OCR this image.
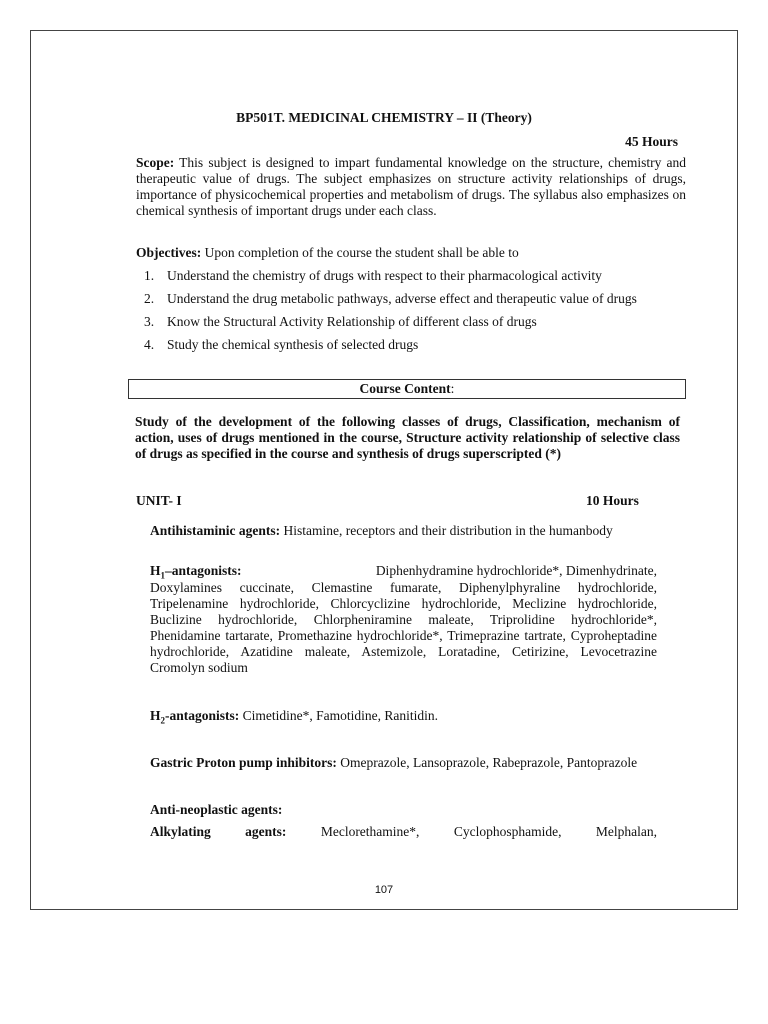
BP501T. MEDICINAL CHEMISTRY – II (Theory)
45 Hours
Scope: This subject is designed to impart fundamental knowledge on the structure, chemistry and therapeutic value of drugs. The subject emphasizes on structure activity relationships of drugs, importance of physicochemical properties and metabolism of drugs. The syllabus also emphasizes on chemical synthesis of important drugs under each class.
Objectives: Upon completion of the course the student shall be able to
1. Understand the chemistry of drugs with respect to their pharmacological activity
2. Understand the drug metabolic pathways, adverse effect and therapeutic value of drugs
3. Know the Structural Activity Relationship of different class of drugs
4. Study the chemical synthesis of selected drugs
Course Content:
Study of the development of the following classes of drugs, Classification, mechanism of action, uses of drugs mentioned in the course, Structure activity relationship of selective class of drugs as specified in the course and synthesis of drugs superscripted (*)
UNIT- I	10 Hours
Antihistaminic agents: Histamine, receptors and their distribution in the humanbody
$H_1$–antagonists:	Diphenhydramine hydrochloride*, Dimenhydrinate,
Doxylamines cuccinate, Clemastine fumarate, Diphenylphyraline hydrochloride, Tripelenamine hydrochloride, Chlorcyclizine hydrochloride, Meclizine hydrochloride, Buclizine hydrochloride, Chlorpheniramine maleate, Triprolidine hydrochloride*, Phenidamine tartarate, Promethazine hydrochloride*, Trimeprazine tartrate, Cyproheptadine hydrochloride, Azatidine maleate, Astemizole, Loratadine, Cetirizine, Levocetrazine Cromolyn sodium
$H_2$-antagonists: Cimetidine*, Famotidine, Ranitidin.
Gastric Proton pump inhibitors: Omeprazole, Lansoprazole, Rabeprazole, Pantoprazole
Anti-neoplastic agents:
Alkylating	agents:	Meclorethamine*,	Cyclophosphamide,	Melphalan,
107
